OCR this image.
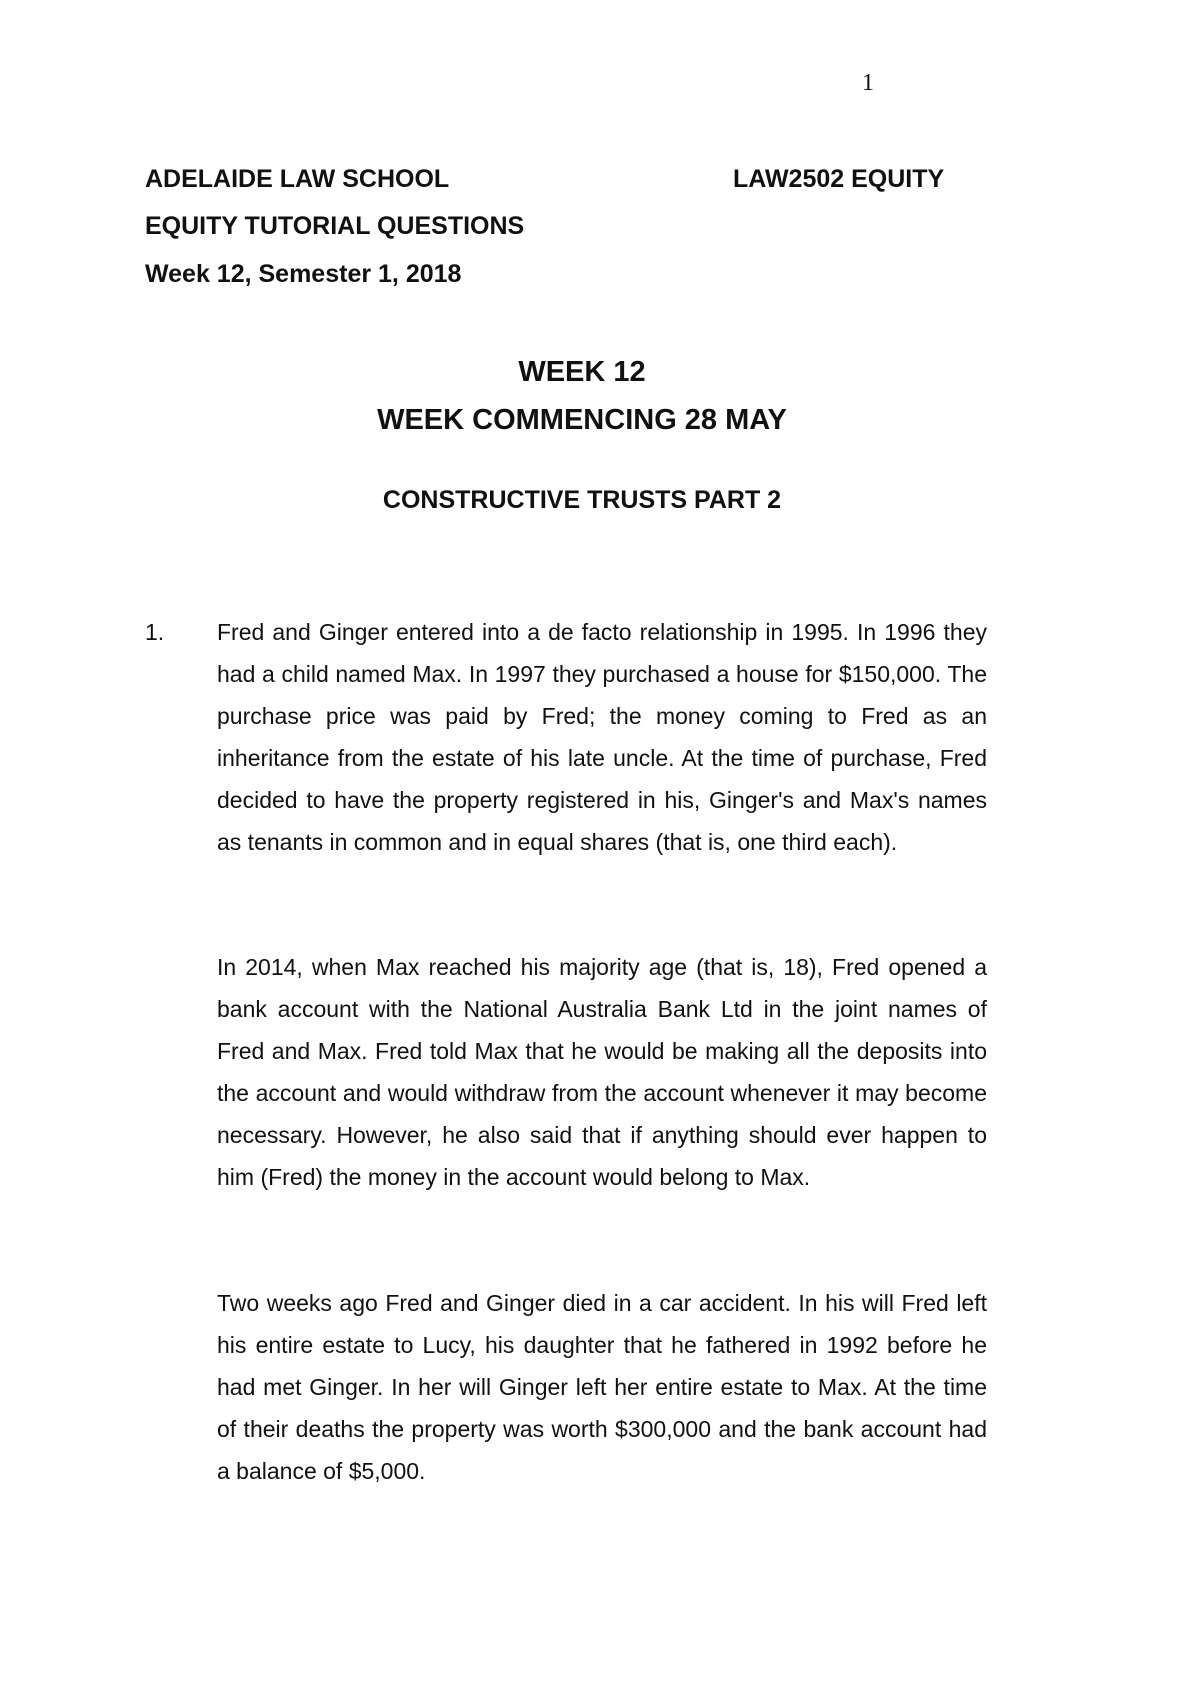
1
ADELAIDE LAW SCHOOL	LAW2502 EQUITY
EQUITY TUTORIAL QUESTIONS
Week 12, Semester 1, 2018
WEEK 12
WEEK COMMENCING 28 MAY
CONSTRUCTIVE TRUSTS PART 2
1. Fred and Ginger entered into a de facto relationship in 1995. In 1996 they had a child named Max. In 1997 they purchased a house for $150,000. The purchase price was paid by Fred; the money coming to Fred as an inheritance from the estate of his late uncle. At the time of purchase, Fred decided to have the property registered in his, Ginger's and Max's names as tenants in common and in equal shares (that is, one third each).

In 2014, when Max reached his majority age (that is, 18), Fred opened a bank account with the National Australia Bank Ltd in the joint names of Fred and Max. Fred told Max that he would be making all the deposits into the account and would withdraw from the account whenever it may become necessary. However, he also said that if anything should ever happen to him (Fred) the money in the account would belong to Max.

Two weeks ago Fred and Ginger died in a car accident. In his will Fred left his entire estate to Lucy, his daughter that he fathered in 1992 before he had met Ginger. In her will Ginger left her entire estate to Max. At the time of their deaths the property was worth $300,000 and the bank account had a balance of $5,000.
